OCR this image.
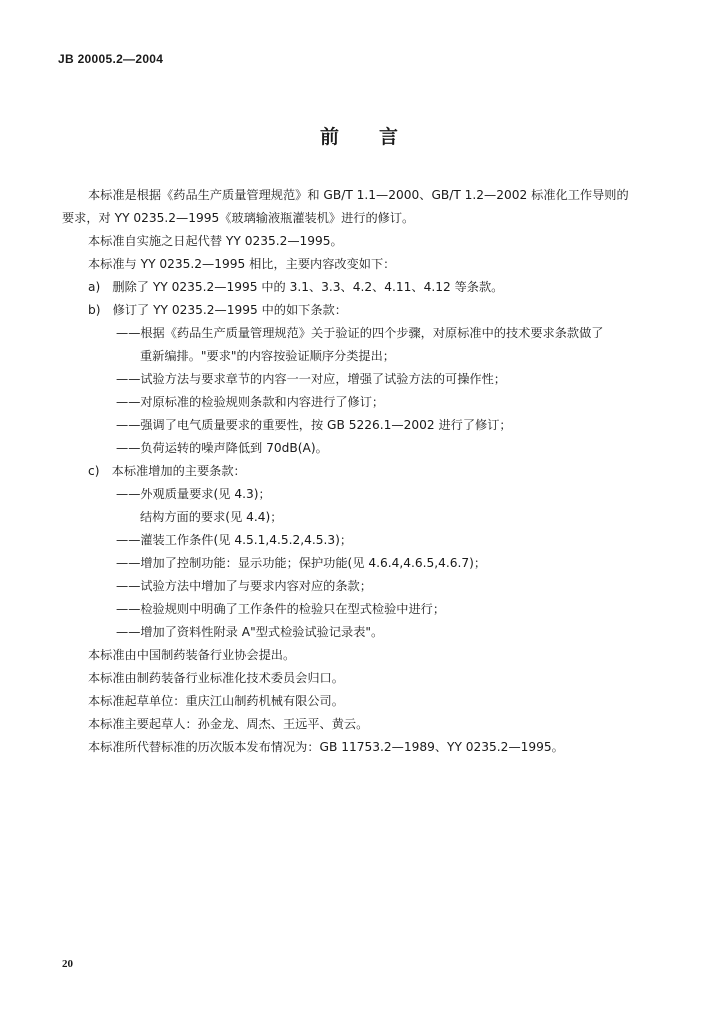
JB 20005.2—2004
前 言
本标准是根据《药品生产质量管理规范》和 GB/T 1.1—2000、GB/T 1.2—2002 标准化工作导则的
要求，对 YY 0235.2—1995《玻璃输液瓶灌装机》进行的修订。
本标准自实施之日起代替 YY 0235.2—1995。
本标准与 YY 0235.2—1995 相比，主要内容改变如下：
a)　删除了 YY 0235.2—1995 中的 3.1、3.3、4.2、4.11、4.12 等条款。
b)　修订了 YY 0235.2—1995 中的如下条款：
——根据《药品生产质量管理规范》关于验证的四个步骤，对原标准中的技术要求条款做了
重新编排。"要求"的内容按验证顺序分类提出；
——试验方法与要求章节的内容一一对应，增强了试验方法的可操作性；
——对原标准的检验规则条款和内容进行了修订；
——强调了电气质量要求的重要性，按 GB 5226.1—2002 进行了修订；
——负荷运转的噪声降低到 70dB(A)。
c)　本标准增加的主要条款：
——外观质量要求(见 4.3)；
结构方面的要求(见 4.4)；
——灌装工作条件(见 4.5.1,4.5.2,4.5.3)；
——增加了控制功能：显示功能；保护功能(见 4.6.4,4.6.5,4.6.7)；
——试验方法中增加了与要求内容对应的条款；
——检验规则中明确了工作条件的检验只在型式检验中进行；
——增加了资料性附录 A"型式检验试验记录表"。
本标准由中国制药装备行业协会提出。
本标准由制药装备行业标准化技术委员会归口。
本标准起草单位：重庆江山制药机械有限公司。
本标准主要起草人：孙金龙、周杰、王远平、黄云。
本标准所代替标准的历次版本发布情况为：GB 11753.2—1989、YY 0235.2—1995。
20
